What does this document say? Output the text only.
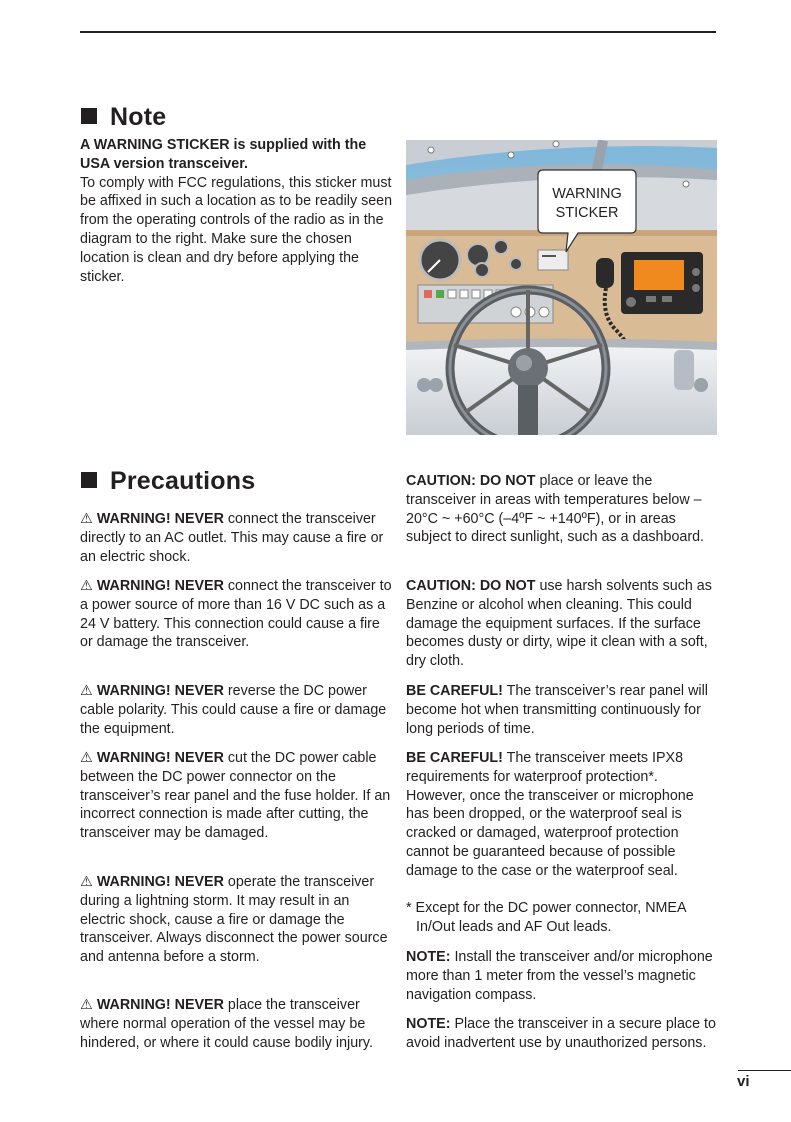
Note
A WARNING STICKER is supplied with the USA version transceiver.
To comply with FCC regulations, this sticker must be affixed in such a location as to be readily seen from the operating controls of the radio as in the diagram to the right. Make sure the chosen location is clean and dry before applying the sticker.
WARNING
STICKER
Precautions
⚠ WARNING! NEVER connect the transceiver directly to an AC outlet. This may cause a fire or an electric shock.
⚠ WARNING! NEVER connect the transceiver to a power source of more than 16 V DC such as a 24 V battery. This connection could cause a fire or damage the transceiver.
⚠ WARNING! NEVER reverse the DC power cable polarity. This could cause a fire or damage the equipment.
⚠ WARNING! NEVER cut the DC power cable between the DC power connector on the transceiver’s rear panel and the fuse holder. If an incorrect connection is made after cutting, the transceiver may be damaged.
⚠ WARNING! NEVER operate the transceiver during a lightning storm. It may result in an electric shock, cause a fire or damage the transceiver. Always disconnect the power source and antenna before a storm.
⚠ WARNING! NEVER place the transceiver where normal operation of the vessel may be hindered, or where it could cause bodily injury.
CAUTION: DO NOT place or leave the transceiver in areas with temperatures below –20°C ~ +60°C (–4ºF ~ +140ºF), or in areas subject to direct sunlight, such as a dashboard.
CAUTION: DO NOT use harsh solvents such as Benzine or alcohol when cleaning. This could damage the equipment surfaces. If the surface becomes dusty or dirty, wipe it clean with a soft, dry cloth.
BE CAREFUL! The transceiver’s rear panel will become hot when transmitting continuously for long periods of time.
BE CAREFUL! The transceiver meets IPX8 requirements for waterproof protection*. However, once the transceiver or microphone has been dropped, or the waterproof seal is cracked or damaged, waterproof protection cannot be guaranteed because of possible damage to the case or the waterproof seal.
* Except for the DC power connector, NMEA In/Out leads and AF Out leads.
NOTE: Install the transceiver and/or microphone more than 1 meter from the vessel’s magnetic navigation compass.
NOTE: Place the transceiver in a secure place to avoid inadvertent use by unauthorized persons.
vi
